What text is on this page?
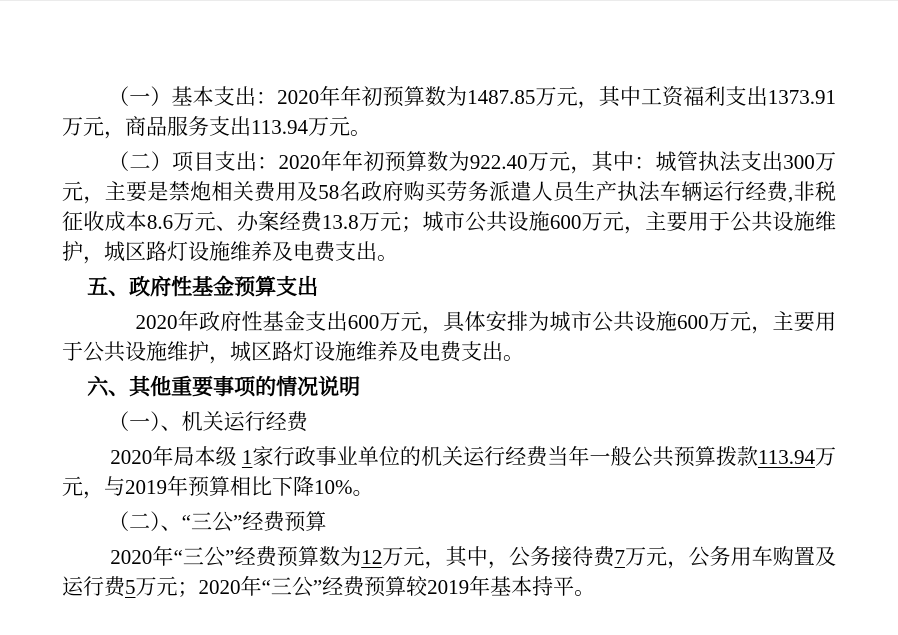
（一）基本支出：2020年年初预算数为1487.85万元，其中工资福利支出1373.91万元，商品服务支出113.94万元。

（二）项目支出：2020年年初预算数为922.40万元，其中：城管执法支出300万元，主要是禁炮相关费用及58名政府购买劳务派遣人员生产执法车辆运行经费,非税征收成本8.6万元、办案经费13.8万元；城市公共设施600万元，主要用于公共设施维护，城区路灯设施维养及电费支出。

五、政府性基金预算支出

2020年政府性基金支出600万元，具体安排为城市公共设施600万元，主要用于公共设施维护，城区路灯设施维养及电费支出。

六、其他重要事项的情况说明

（一）、机关运行经费

2020年局本级 1家行政事业单位的机关运行经费当年一般公共预算拨款113.94万元，与2019年预算相比下降10%。

（二）、“三公”经费预算

2020年“三公”经费预算数为12万元，其中，公务接待费7万元，公务用车购置及运行费5万元；2020年“三公”经费预算较2019年基本持平。
